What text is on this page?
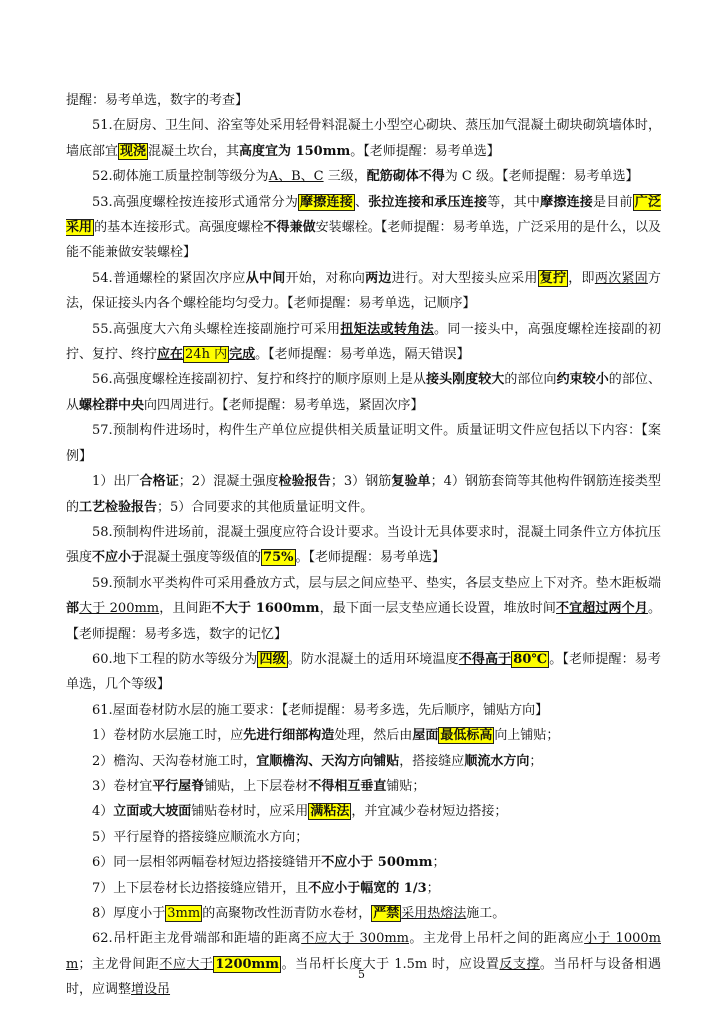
提醒：易考单选，数字的考查】
51.在厨房、卫生间、浴室等处采用轻骨料混凝土小型空心砌块、蒸压加气混凝土砌块砌筑墙体时，墙底部宜 现浇 混凝土坎台，其高度宜为 150mm。【老师提醒：易考单选】
52.砌体施工质量控制等级分为A、B、C 三级，配筋砌体不得为 C 级。【老师提醒：易考单选】
53.高强度螺栓按连接形式通常分为 摩擦连接 、张拉连接和承压连接等，其中摩擦连接是目前 广泛采用 的基本连接形式。高强度螺栓不得兼做安装螺栓。【老师提醒：易考单选，广泛采用的是什么，以及能不能兼做安装螺栓】
54.普通螺栓的紧固次序应从中间开始，对称向两边进行。对大型接头应采用 复拧 ，即两次紧固方法，保证接头内各个螺栓能均匀受力。【老师提醒：易考单选，记顺序】
55.高强度大六角头螺栓连接副施拧可采用扭矩法或转角法。同一接头中，高强度螺栓连接副的初拧、复拧、终拧应在 24h 内 完成。【老师提醒：易考单选，隔天错误】
56.高强度螺栓连接副初拧、复拧和终拧的顺序原则上是从接头刚度较大的部位向约束较小的部位、从螺栓群中央向四周进行。【老师提醒：易考单选，紧固次序】
57.预制构件进场时，构件生产单位应提供相关质量证明文件。质量证明文件应包括以下内容：【案例】
1）出厂合格证；2）混凝土强度检验报告；3）钢筋复验单；4）钢筋套筒等其他构件钢筋连接类型的工艺检验报告；5）合同要求的其他质量证明文件。
58.预制构件进场前，混凝土强度应符合设计要求。当设计无具体要求时，混凝土同条件立方体抗压强度不应小于混凝土强度等级值的 75% 。【老师提醒：易考单选】
59.预制水平类构件可采用叠放方式，层与层之间应垫平、垫实，各层支垫应上下对齐。垫木距板端部大于 200mm，且间距不大于 1600mm，最下面一层支垫应通长设置，堆放时间不宜超过两个月。【老师提醒：易考多选，数字的记忆】
60.地下工程的防水等级分为 四级 。防水混凝土的适用环境温度不得高于 80℃ 。【老师提醒：易考单选，几个等级】
61.屋面卷材防水层的施工要求：【老师提醒：易考多选，先后顺序，铺贴方向】
1）卷材防水层施工时，应先进行细部构造处理，然后由屋面 最低标高 向上铺贴；
2）檐沟、天沟卷材施工时，宜顺檐沟、天沟方向铺贴，搭接缝应顺流水方向；
3）卷材宜平行屋脊铺贴，上下层卷材不得相互垂直铺贴；
4）立面或大坡面铺贴卷材时，应采用 满粘法 ，并宜减少卷材短边搭接；
5）平行屋脊的搭接缝应顺流水方向；
6）同一层相邻两幅卷材短边搭接缝错开不应小于 500mm；
7）上下层卷材长边搭接缝应错开，且不应小于幅宽的 1/3；
8）厚度小于 3mm 的高聚物改性沥青防水卷材， 严禁 采用热熔法施工。
62.吊杆距主龙骨端部和距墙的距离不应大于 300mm。主龙骨上吊杆之间的距离应小于 1000mm；主龙骨间距不应大于 1200mm 。当吊杆长度大于 1.5m 时，应设置反支撑。当吊杆与设备相遇时，应调整增设吊
5
